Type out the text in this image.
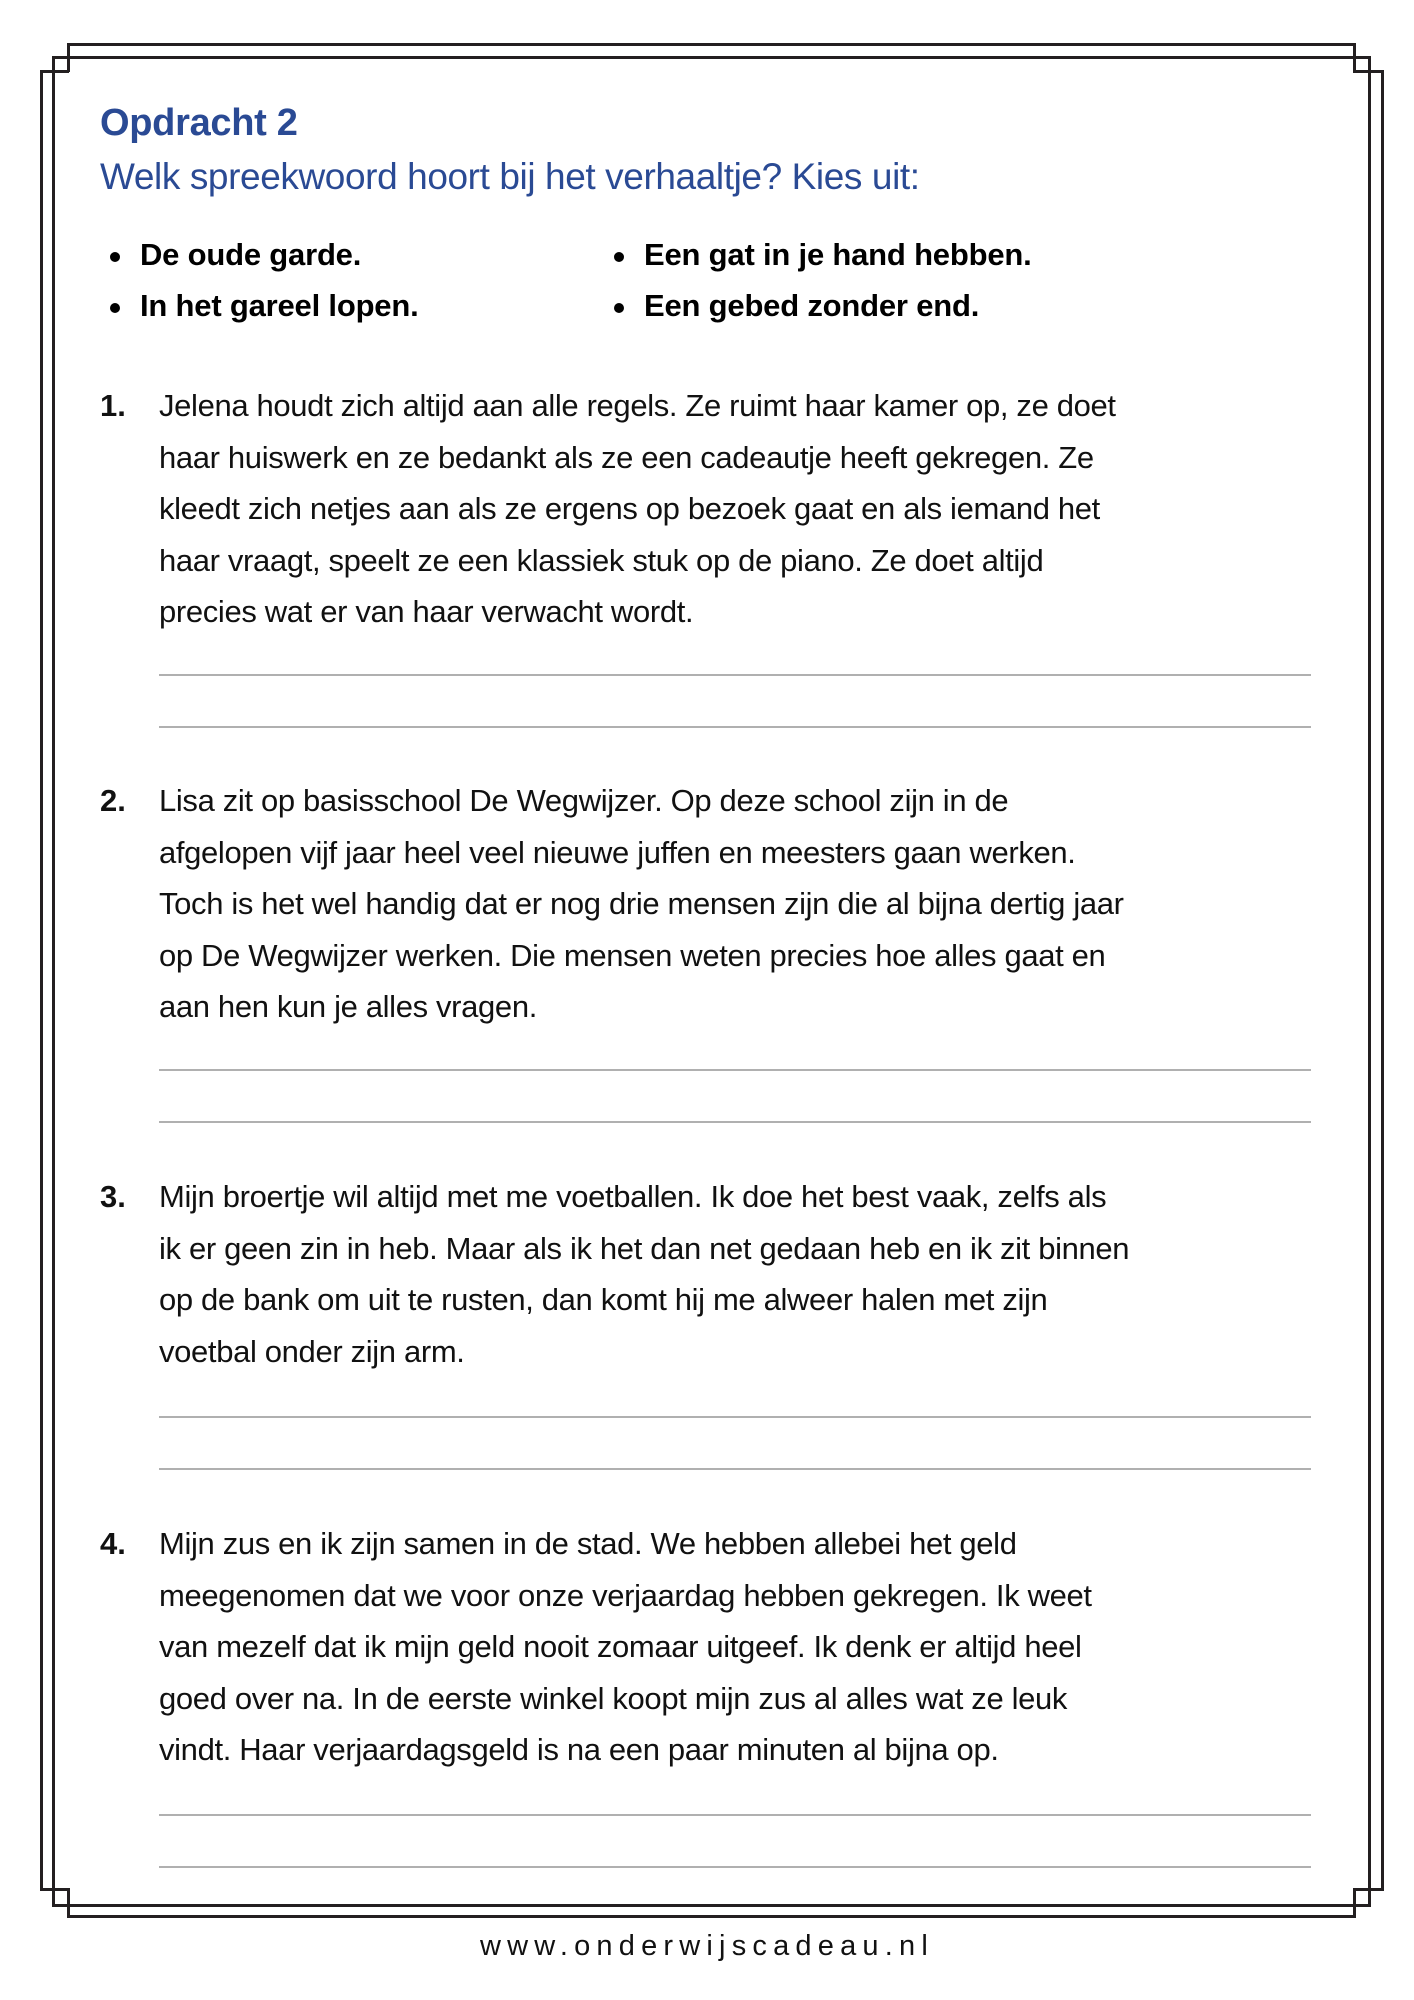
Opdracht 2
Welk spreekwoord hoort bij het verhaaltje? Kies uit:
De oude garde.
In het gareel lopen.
Een gat in je hand hebben.
Een gebed zonder end.
1. Jelena houdt zich altijd aan alle regels. Ze ruimt haar kamer op, ze doet
haar huiswerk en ze bedankt als ze een cadeautje heeft gekregen. Ze
kleedt zich netjes aan als ze ergens op bezoek gaat en als iemand het
haar vraagt, speelt ze een klassiek stuk op de piano. Ze doet altijd
precies wat er van haar verwacht wordt.
2. Lisa zit op basisschool De Wegwijzer. Op deze school zijn in de
afgelopen vijf jaar heel veel nieuwe juffen en meesters gaan werken.
Toch is het wel handig dat er nog drie mensen zijn die al bijna dertig jaar
op De Wegwijzer werken. Die mensen weten precies hoe alles gaat en
aan hen kun je alles vragen.
3. Mijn broertje wil altijd met me voetballen. Ik doe het best vaak, zelfs als
ik er geen zin in heb. Maar als ik het dan net gedaan heb en ik zit binnen
op de bank om uit te rusten, dan komt hij me alweer halen met zijn
voetbal onder zijn arm.
4. Mijn zus en ik zijn samen in de stad. We hebben allebei het geld
meegenomen dat we voor onze verjaardag hebben gekregen. Ik weet
van mezelf dat ik mijn geld nooit zomaar uitgeef. Ik denk er altijd heel
goed over na. In de eerste winkel koopt mijn zus al alles wat ze leuk
vindt. Haar verjaardagsgeld is na een paar minuten al bijna op.
www.onderwijscadeau.nl
